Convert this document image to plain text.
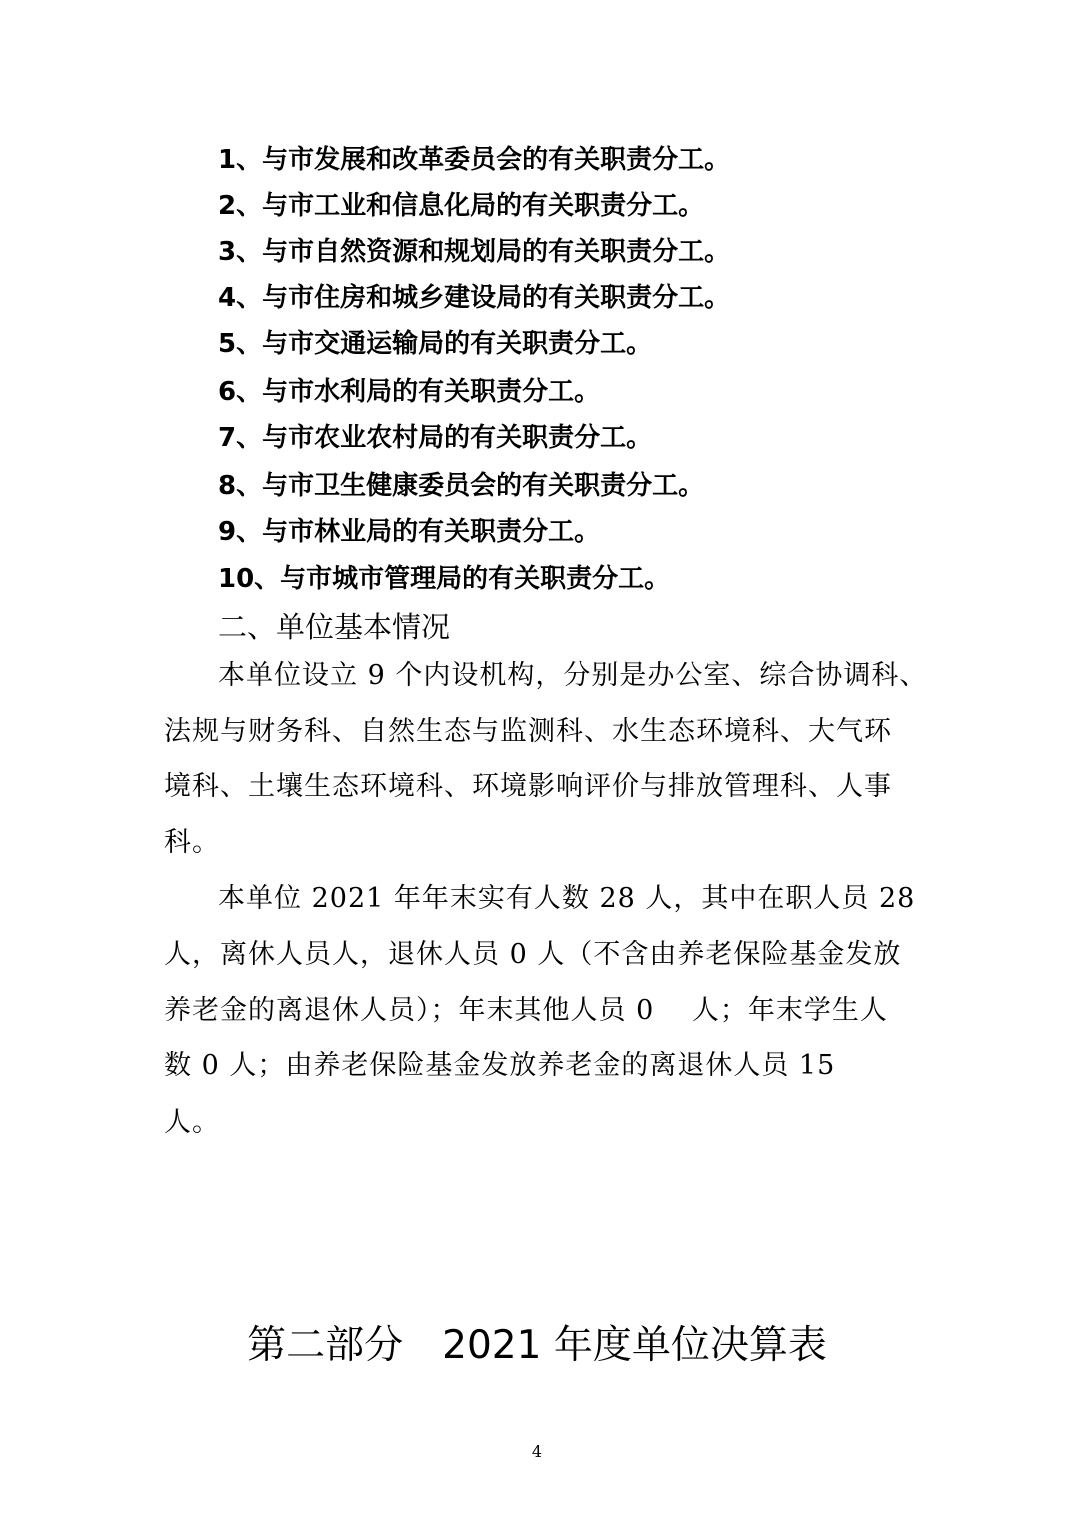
1、与市发展和改革委员会的有关职责分工。
2、与市工业和信息化局的有关职责分工。
3、与市自然资源和规划局的有关职责分工。
4、与市住房和城乡建设局的有关职责分工。
5、与市交通运输局的有关职责分工。
6、与市水利局的有关职责分工。
7、与市农业农村局的有关职责分工。
8、与市卫生健康委员会的有关职责分工。
9、与市林业局的有关职责分工。
10、与市城市管理局的有关职责分工。
二、单位基本情况
本单位设立 9 个内设机构，分别是办公室、综合协调科、
法规与财务科、自然生态与监测科、水生态环境科、大气环
境科、土壤生态环境科、环境影响评价与排放管理科、人事
科。
本单位 2021 年年末实有人数 28 人，其中在职人员 28
人，离休人员人，退休人员 0 人（不含由养老保险基金发放
养老金的离退休人员）；年末其他人员 0　 人；年末学生人
数 0 人；由养老保险基金发放养老金的离退休人员 15
人。
第二部分　2021 年度单位决算表
4
